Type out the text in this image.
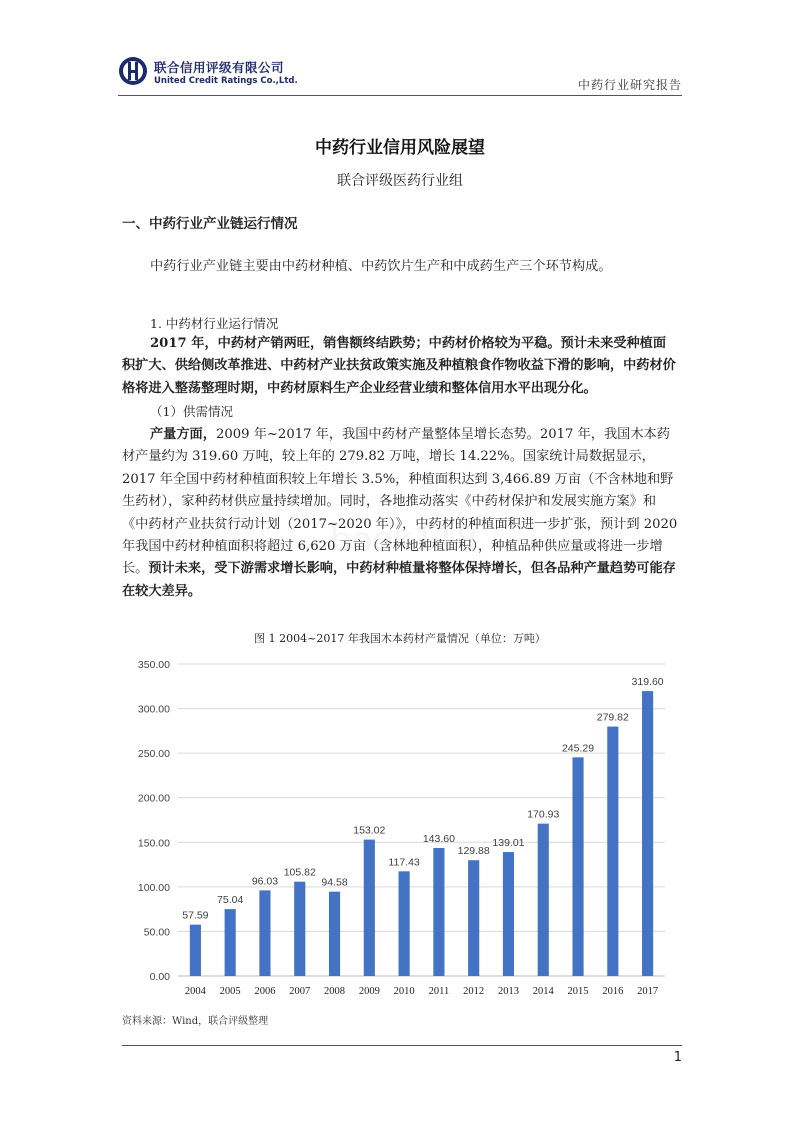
联合信用评级有限公司
United Credit Ratings Co.,Ltd.	中药行业研究报告
中药行业信用风险展望
联合评级医药行业组
一、中药行业产业链运行情况
中药行业产业链主要由中药材种植、中药饮片生产和中成药生产三个环节构成。
1. 中药材行业运行情况
2017 年，中药材产销两旺，销售额终结跌势；中药材价格较为平稳。预计未来受种植面积扩大、供给侧改革推进、中药材产业扶贫政策实施及种植粮食作物收益下滑的影响，中药材价格将进入整荡整理时期，中药材原料生产企业经营业绩和整体信用水平出现分化。
（1）供需情况
产量方面，2009 年~2017 年，我国中药材产量整体呈增长态势。2017 年，我国木本药材产量约为 319.60 万吨，较上年的 279.82 万吨，增长 14.22%。国家统计局数据显示，2017 年全国中药材种植面积较上年增长 3.5%，种植面积达到 3,466.89 万亩（不含林地和野生药材），家种药材供应量持续增加。同时，各地推动落实《中药材保护和发展实施方案》和《中药材产业扶贫行动计划（2017~2020 年）》，中药材的种植面积进一步扩张，预计到 2020 年我国中药材种植面积将超过 6,620 万亩（含林地种植面积），种植品种供应量或将进一步增长。预计未来，受下游需求增长影响，中药材种植量将整体保持增长，但各品种产量趋势可能存在较大差异。
图 1 2004~2017 年我国木本药材产量情况（单位：万吨）
0.00
50.00
100.00
150.00
200.00
250.00
300.00
350.00
57.59
2004
75.04
2005
96.03
2006
105.82
2007
94.58
2008
153.02
2009
117.43
2010
143.60
2011
129.88
2012
139.01
2013
170.93
2014
245.29
2015
279.82
2016
319.60
2017
资料来源：Wind，联合评级整理
1
